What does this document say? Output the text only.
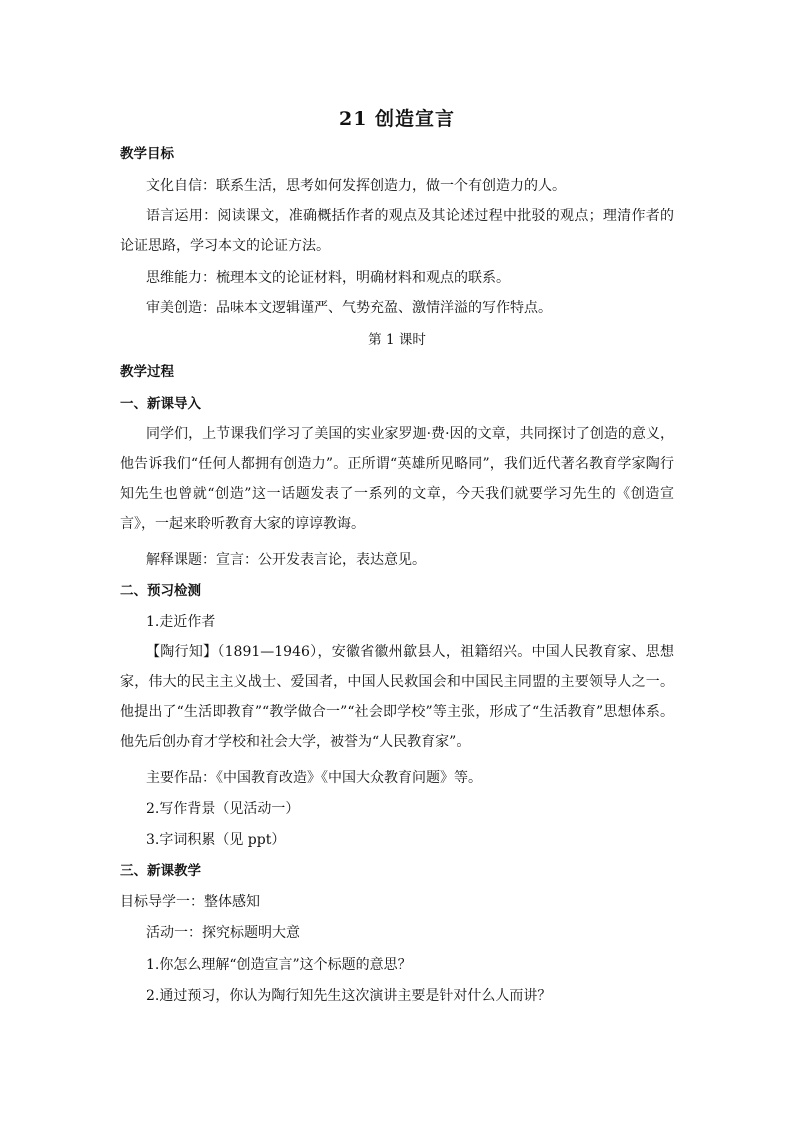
21 创造宣言
教学目标
文化自信：联系生活，思考如何发挥创造力，做一个有创造力的人。
语言运用：阅读课文，准确概括作者的观点及其论述过程中批驳的观点；理清作者的论证思路，学习本文的论证方法。
思维能力：梳理本文的论证材料，明确材料和观点的联系。
审美创造：品味本文逻辑谨严、气势充盈、激情洋溢的写作特点。
第 1 课时
教学过程
一、新课导入
同学们，上节课我们学习了美国的实业家罗迦·费·因的文章，共同探讨了创造的意义，他告诉我们“任何人都拥有创造力”。正所谓“英雄所见略同”，我们近代著名教育学家陶行知先生也曾就“创造”这一话题发表了一系列的文章，今天我们就要学习先生的《创造宣言》，一起来聆听教育大家的谆谆教诲。
解释课题：宣言：公开发表言论，表达意见。
二、预习检测
1.走近作者
【陶行知】（1891—1946），安徽省徽州歙县人，祖籍绍兴。中国人民教育家、思想家，伟大的民主主义战士、爱国者，中国人民救国会和中国民主同盟的主要领导人之一。他提出了“生活即教育”“教学做合一”“社会即学校”等主张，形成了“生活教育”思想体系。他先后创办育才学校和社会大学，被誉为“人民教育家”。
主要作品：《中国教育改造》《中国大众教育问题》等。
2.写作背景（见活动一）
3.字词积累（见 ppt）
三、新课教学
目标导学一：整体感知
活动一：探究标题明大意
1.你怎么理解“创造宣言”这个标题的意思？
2.通过预习，你认为陶行知先生这次演讲主要是针对什么人而讲？
